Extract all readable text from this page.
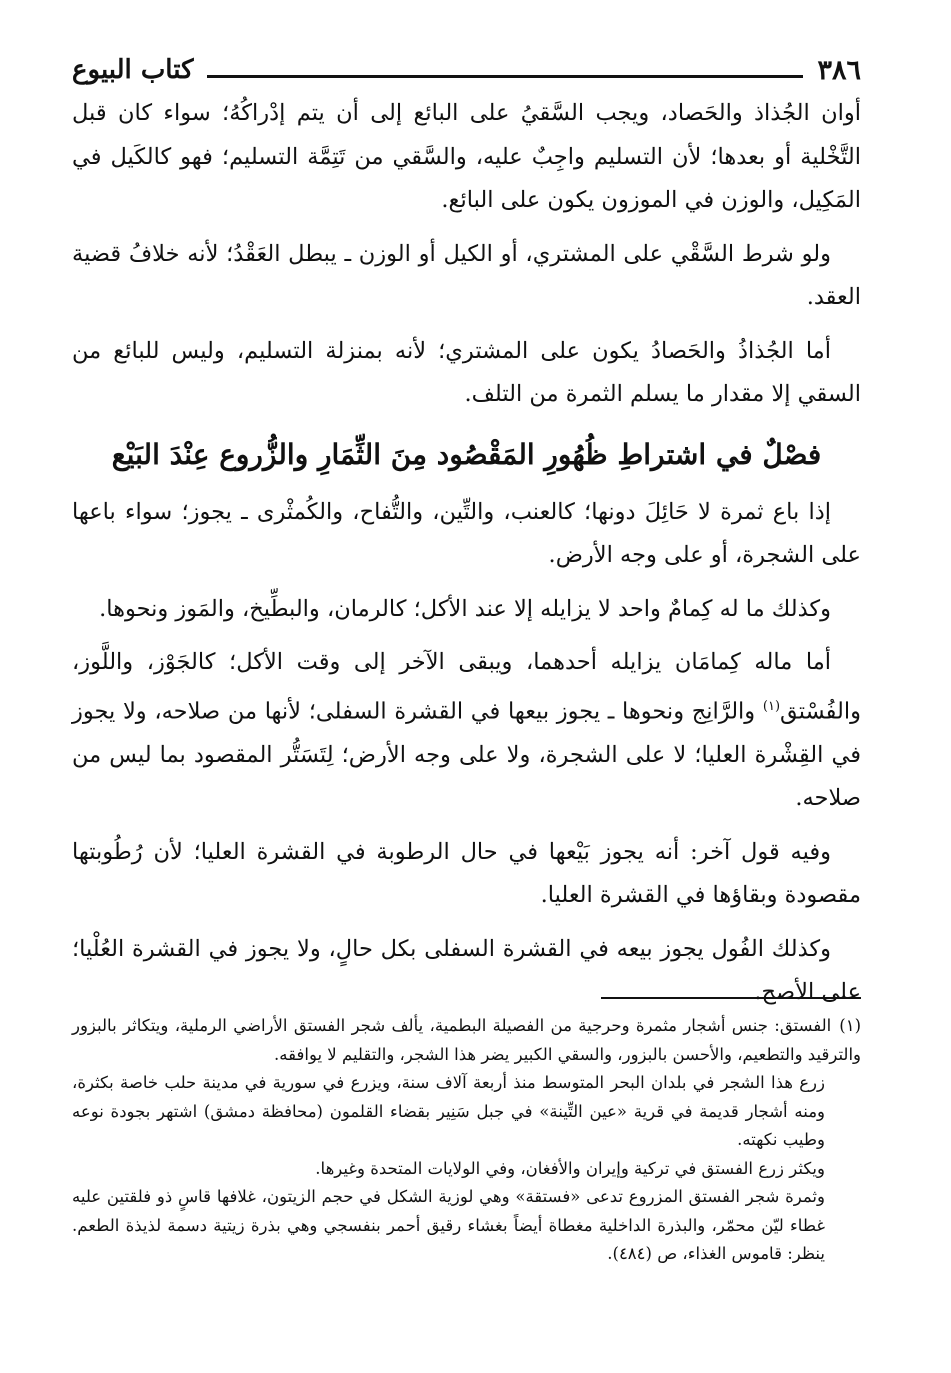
٣٨٦
كتاب البيوع

أوان الجُذاذ والحَصاد، ويجب السَّقيُ على البائع إلى أن يتم إدْراكُهُ؛ سواء كان قبل التَّخْلية أو بعدها؛ لأن التسليم واجِبٌ عليه، والسَّقي من تَتِمَّة التسليم؛ فهو كالكَيل في المَكِيل، والوزن في الموزون يكون على البائع.

ولو شرط السَّقْي على المشتري، أو الكيل أو الوزن ـ يبطل العَقْدُ؛ لأنه خلافُ قضية العقد.

أما الجُذاذُ والحَصادُ يكون على المشتري؛ لأنه بمنزلة التسليم، وليس للبائع من السقي إلا مقدار ما يسلم الثمرة من التلف.

فصْلٌ في اشتراطِ ظُهُورِ المَقْصُود مِنَ الثِّمَارِ والزُّروع عِنْدَ البَيْع

إذا باع ثمرة لا حَائِلَ دونها؛ كالعنب، والتِّين، والتُّفاح، والكُمثْرى ـ يجوز؛ سواء باعها على الشجرة، أو على وجه الأرض.

وكذلك ما له كِمامٌ واحد لا يزايله إلا عند الأكل؛ كالرمان، والبطِّيخ، والمَوز ونحوها.

أما ماله كِمامَان يزايله أحدهما، ويبقى الآخر إلى وقت الأكل؛ كالجَوْز، واللَّوز، والفُسْتق$^{(١)}$ والرَّانِج ونحوها ـ يجوز بيعها في القشرة السفلى؛ لأنها من صلاحه، ولا يجوز في القِشْرة العليا؛ لا على الشجرة، ولا على وجه الأرض؛ لِتَسَتُّر المقصود بما ليس من صلاحه.

وفيه قول آخر: أنه يجوز بَيْعها في حال الرطوبة في القشرة العليا؛ لأن رُطُوبتها مقصودة وبقاؤها في القشرة العليا.

وكذلك الفُول يجوز بيعه في القشرة السفلى بكل حالٍ، ولا يجوز في القشرة العُلْيا؛ على الأصح.

(١)الفستق: جنس أشجار مثمرة وحرجية من الفصيلة البطمية، يألف شجر الفستق الأراضي الرملية، ويتكاثر بالبزور والترقيد والتطعيم، والأحسن بالبزور، والسقي الكبير يضر هذا الشجر، والتقليم لا يوافقه.

زرع هذا الشجر في بلدان البحر المتوسط منذ أربعة آلاف سنة، ويزرع في سورية في مدينة حلب خاصة بكثرة، ومنه أشجار قديمة في قرية «عين التِّينة» في جبل سَنِير بقضاء القلمون (محافظة دمشق) اشتهر بجودة نوعه وطيب نكهته.

ويكثر زرع الفستق في تركية وإيران والأفغان، وفي الولايات المتحدة وغيرها.

وثمرة شجر الفستق المزروع تدعى «فستقة» وهي لوزية الشكل في حجم الزيتون، غلافها قاسٍ ذو فلقتين عليه غطاء ليّن محمّر، والبذرة الداخلية مغطاة أيضاً بغشاء رقيق أحمر بنفسجي وهي بذرة زيتية دسمة لذيذة الطعم. ينظر: قاموس الغذاء، ص (٤٨٤).
